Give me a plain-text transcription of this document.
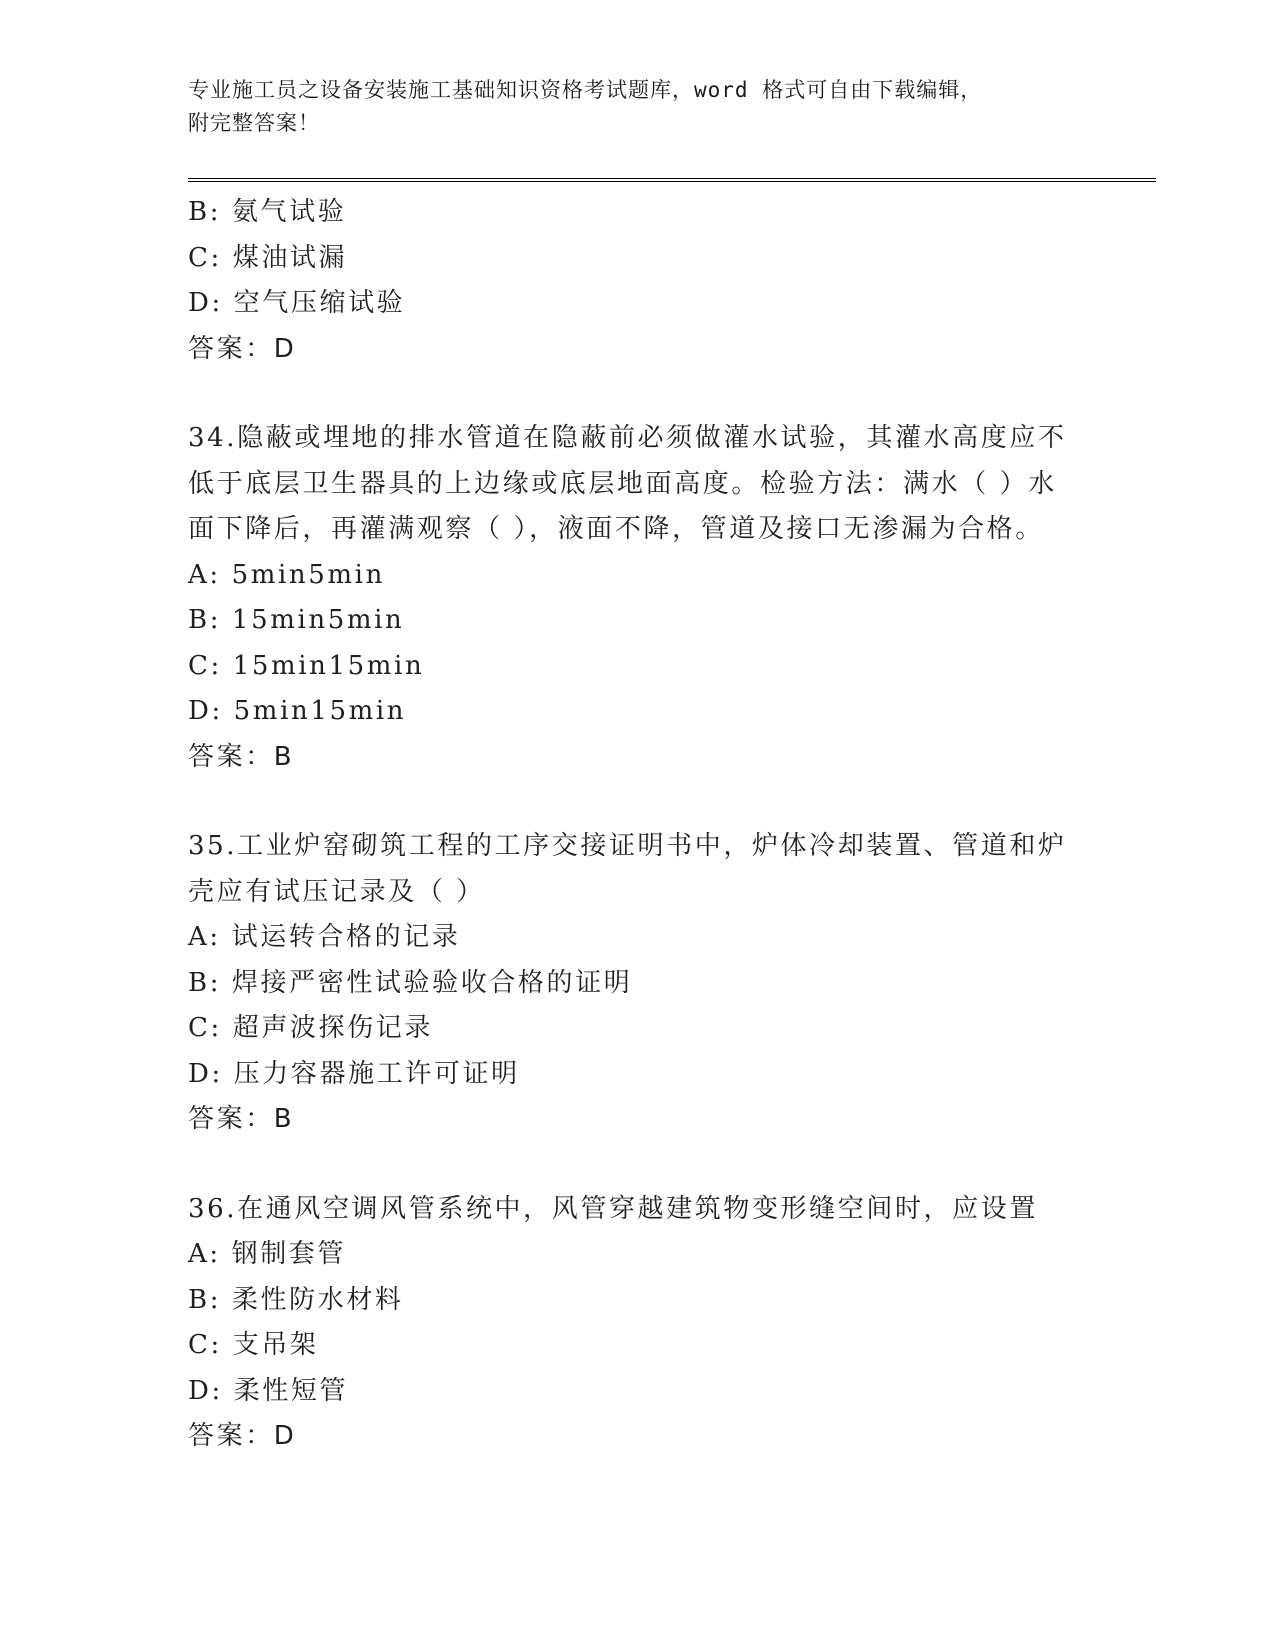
专业施工员之设备安装施工基础知识资格考试题库，word 格式可自由下载编辑，
附完整答案！
B: 氨气试验
C: 煤油试漏
D: 空气压缩试验
答案：D
34.隐蔽或埋地的排水管道在隐蔽前必须做灌水试验，其灌水高度应不
低于底层卫生器具的上边缘或底层地面高度。检验方法：满水（ ）水
面下降后，再灌满观察（ ），液面不降，管道及接口无渗漏为合格。
A: 5min5min
B: 15min5min
C: 15min15min
D: 5min15min
答案：B
35.工业炉窑砌筑工程的工序交接证明书中，炉体冷却装置、管道和炉
壳应有试压记录及（ ）
A: 试运转合格的记录
B: 焊接严密性试验验收合格的证明
C: 超声波探伤记录
D: 压力容器施工许可证明
答案：B
36.在通风空调风管系统中，风管穿越建筑物变形缝空间时，应设置
A: 钢制套管
B: 柔性防水材料
C: 支吊架
D: 柔性短管
答案：D
